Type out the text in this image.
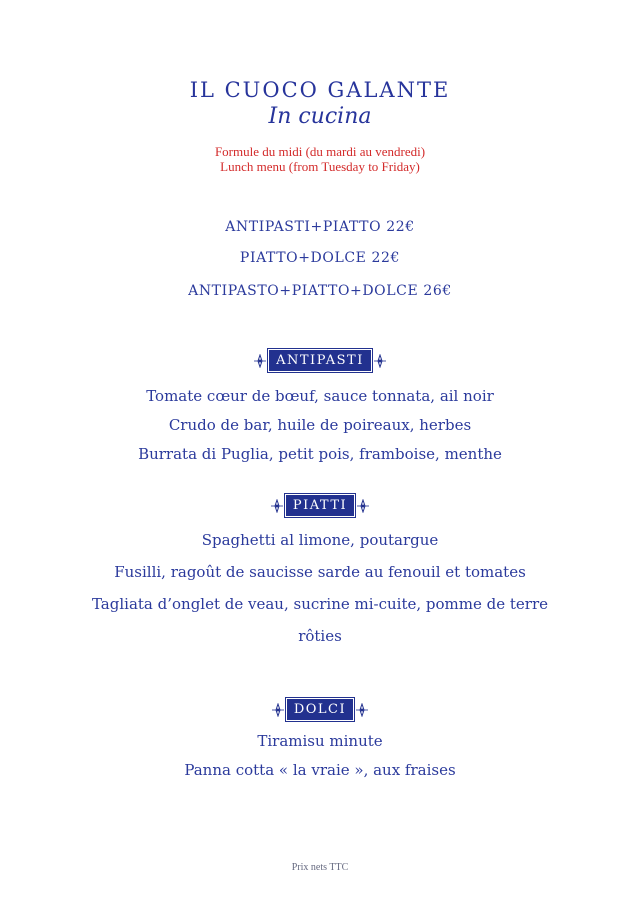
IL CUOCO GALANTE
In cucina
Formule du midi (du mardi au vendredi)
Lunch menu (from Tuesday to Friday)
ANTIPASTI+PIATTO 22€
PIATTO+DOLCE 22€
ANTIPASTO+PIATTO+DOLCE 26€
ANTIPASTI
Tomate cœur de bœuf, sauce tonnata, ail noir
Crudo de bar, huile de poireaux, herbes
Burrata di Puglia, petit pois, framboise, menthe
PIATTI
Spaghetti al limone, poutargue
Fusilli, ragoût de saucisse sarde au fenouil et tomates
Tagliata d’onglet de veau, sucrine mi-cuite, pomme de terre
rôties
DOLCI
Tiramisu minute
Panna cotta « la vraie », aux fraises
Prix nets TTC
